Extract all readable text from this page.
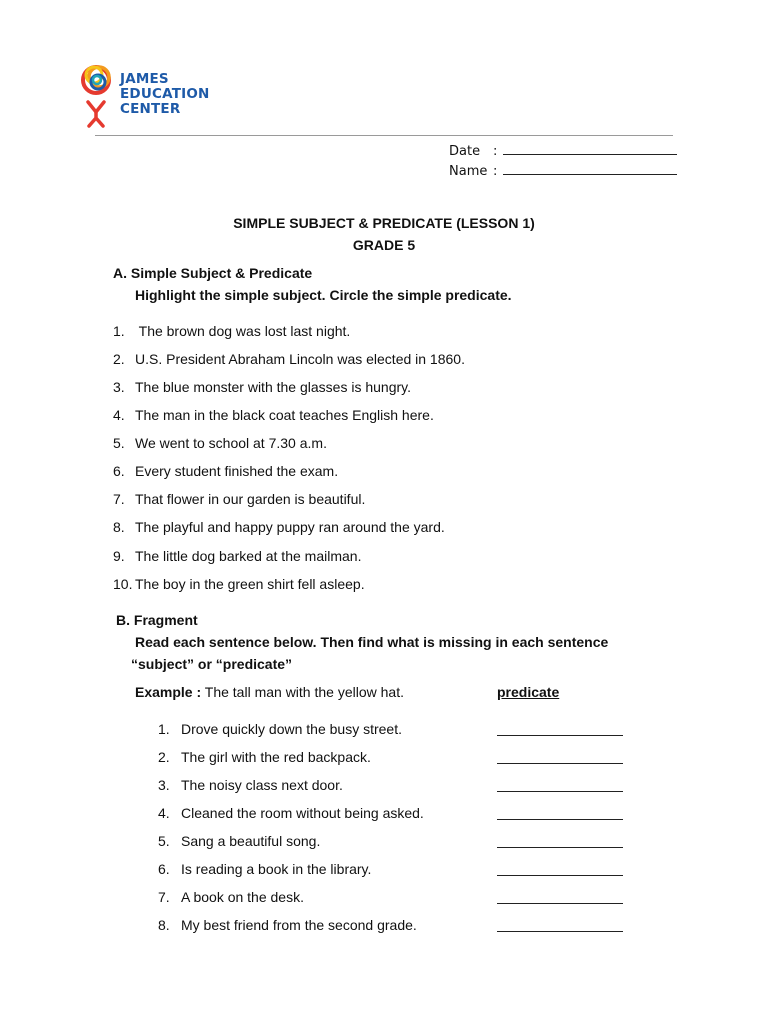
JAMES
EDUCATION
CENTER
Date :
Name :
SIMPLE SUBJECT & PREDICATE (LESSON 1)
GRADE 5
A. Simple Subject & Predicate
Highlight the simple subject. Circle the simple predicate.
1. The brown dog was lost last night.
2. U.S. President Abraham Lincoln was elected in 1860.
3. The blue monster with the glasses is hungry.
4. The man in the black coat teaches English here.
5. We went to school at 7.30 a.m.
6. Every student finished the exam.
7. That flower in our garden is beautiful.
8. The playful and happy puppy ran around the yard.
9. The little dog barked at the mailman.
10. The boy in the green shirt fell asleep.
B. Fragment
Read each sentence below. Then find what is missing in each sentence
“subject” or “predicate”
Example : The tall man with the yellow hat.	predicate
1. Drove quickly down the busy street.
2. The girl with the red backpack.
3. The noisy class next door.
4. Cleaned the room without being asked.
5. Sang a beautiful song.
6. Is reading a book in the library.
7. A book on the desk.
8. My best friend from the second grade.
